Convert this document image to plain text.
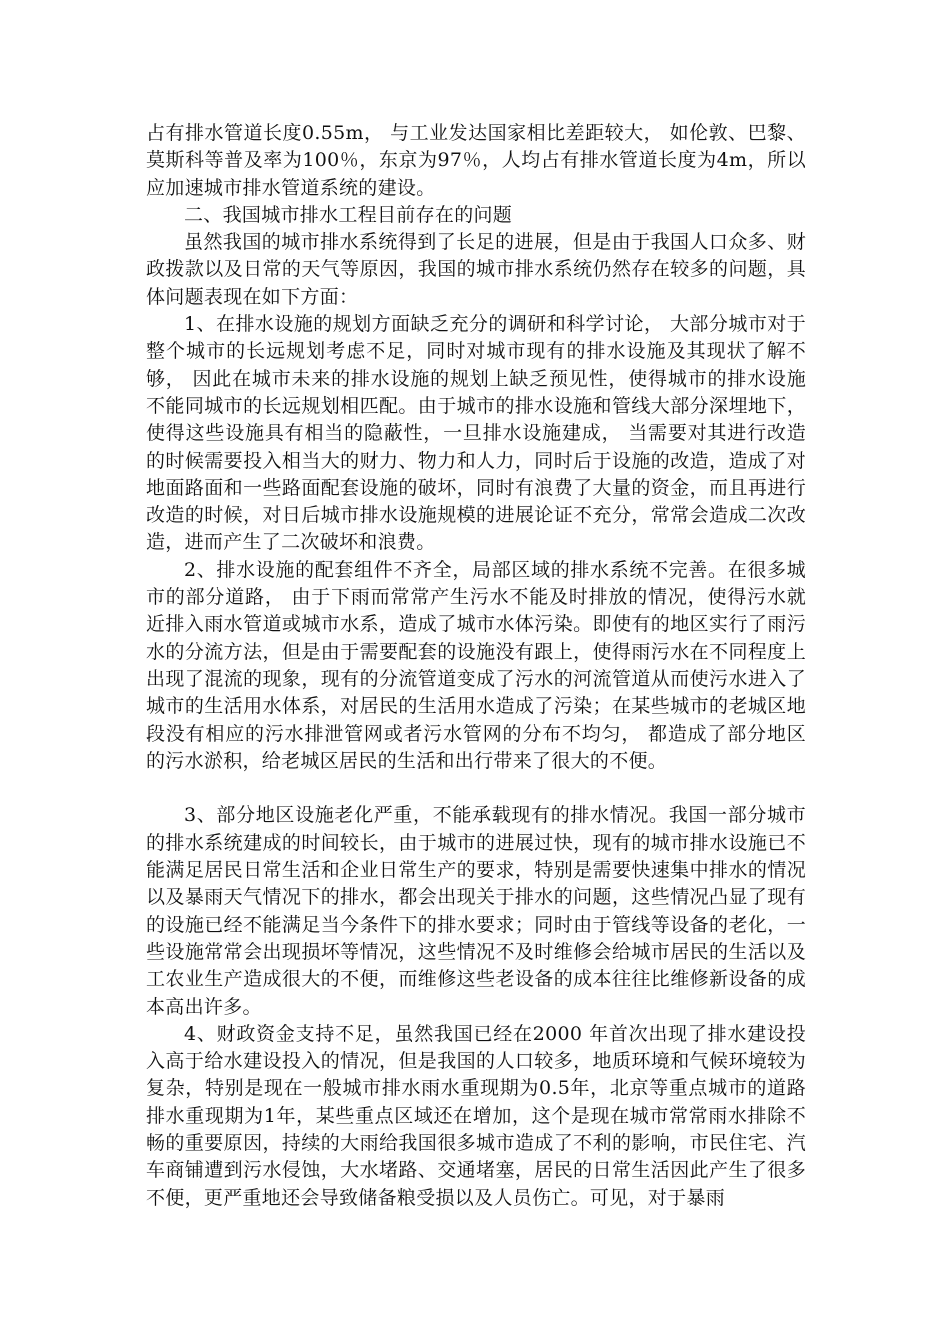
占有排水管道长度0.55m， 与工业发达国家相比差距较大， 如伦敦、巴黎、莫斯科等普及率为100％，东京为97％，人均占有排水管道长度为4m，所以应加速城市排水管道系统的建设。

二、我国城市排水工程目前存在的问题

虽然我国的城市排水系统得到了长足的进展，但是由于我国人口众多、财政拨款以及日常的天气等原因，我国的城市排水系统仍然存在较多的问题，具体问题表现在如下方面：

1、在排水设施的规划方面缺乏充分的调研和科学讨论， 大部分城市对于整个城市的长远规划考虑不足，同时对城市现有的排水设施及其现状了解不够， 因此在城市未来的排水设施的规划上缺乏预见性，使得城市的排水设施不能同城市的长远规划相匹配。由于城市的排水设施和管线大部分深埋地下，使得这些设施具有相当的隐蔽性，一旦排水设施建成， 当需要对其进行改造的时候需要投入相当大的财力、物力和人力，同时后于设施的改造，造成了对地面路面和一些路面配套设施的破坏，同时有浪费了大量的资金，而且再进行改造的时候，对日后城市排水设施规模的进展论证不充分，常常会造成二次改造，进而产生了二次破坏和浪费。

2、排水设施的配套组件不齐全，局部区域的排水系统不完善。在很多城市的部分道路， 由于下雨而常常产生污水不能及时排放的情况，使得污水就近排入雨水管道或城市水系，造成了城市水体污染。即使有的地区实行了雨污水的分流方法，但是由于需要配套的设施没有跟上，使得雨污水在不同程度上出现了混流的现象，现有的分流管道变成了污水的河流管道从而使污水进入了城市的生活用水体系，对居民的生活用水造成了污染；在某些城市的老城区地段没有相应的污水排泄管网或者污水管网的分布不均匀， 都造成了部分地区的污水淤积，给老城区居民的生活和出行带来了很大的不便。

3、部分地区设施老化严重，不能承载现有的排水情况。我国一部分城市的排水系统建成的时间较长，由于城市的进展过快，现有的城市排水设施已不能满足居民日常生活和企业日常生产的要求，特别是需要快速集中排水的情况以及暴雨天气情况下的排水，都会出现关于排水的问题，这些情况凸显了现有的设施已经不能满足当今条件下的排水要求；同时由于管线等设备的老化，一些设施常常会出现损坏等情况，这些情况不及时维修会给城市居民的生活以及工农业生产造成很大的不便，而维修这些老设备的成本往往比维修新设备的成本高出许多。

4、财政资金支持不足，虽然我国已经在2000 年首次出现了排水建设投入高于给水建设投入的情况，但是我国的人口较多，地质环境和气候环境较为复杂，特别是现在一般城市排水雨水重现期为0.5年，北京等重点城市的道路排水重现期为1年，某些重点区域还在增加，这个是现在城市常常雨水排除不畅的重要原因，持续的大雨给我国很多城市造成了不利的影响，市民住宅、汽车商铺遭到污水侵蚀，大水堵路、交通堵塞，居民的日常生活因此产生了很多不便，更严重地还会导致储备粮受损以及人员伤亡。可见，对于暴雨
